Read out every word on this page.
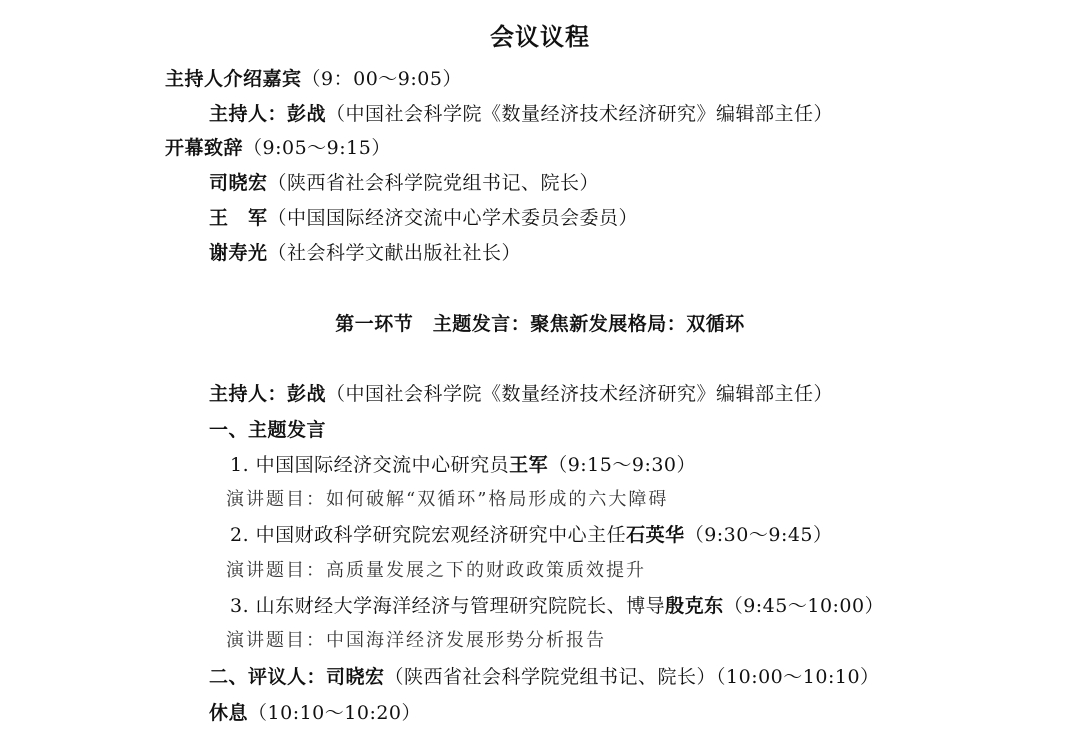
会议议程
主持人介绍嘉宾（9：00～9:05）
主持人：彭战（中国社会科学院《数量经济技术经济研究》编辑部主任）
开幕致辞（9:05～9:15）
司晓宏（陕西省社会科学院党组书记、院长）
王　军（中国国际经济交流中心学术委员会委员）
谢寿光（社会科学文献出版社社长）
第一环节　主题发言：聚焦新发展格局：双循环
主持人：彭战（中国社会科学院《数量经济技术经济研究》编辑部主任）
一、主题发言
1. 中国国际经济交流中心研究员王军（9:15～9:30）
演讲题目：如何破解“双循环”格局形成的六大障碍
2. 中国财政科学研究院宏观经济研究中心主任石英华（9:30～9:45）
演讲题目：高质量发展之下的财政政策质效提升
3. 山东财经大学海洋经济与管理研究院院长、博导殷克东（9:45～10:00）
演讲题目：中国海洋经济发展形势分析报告
二、评议人：司晓宏（陕西省社会科学院党组书记、院长）（10:00～10:10）
休息（10:10～10:20）
